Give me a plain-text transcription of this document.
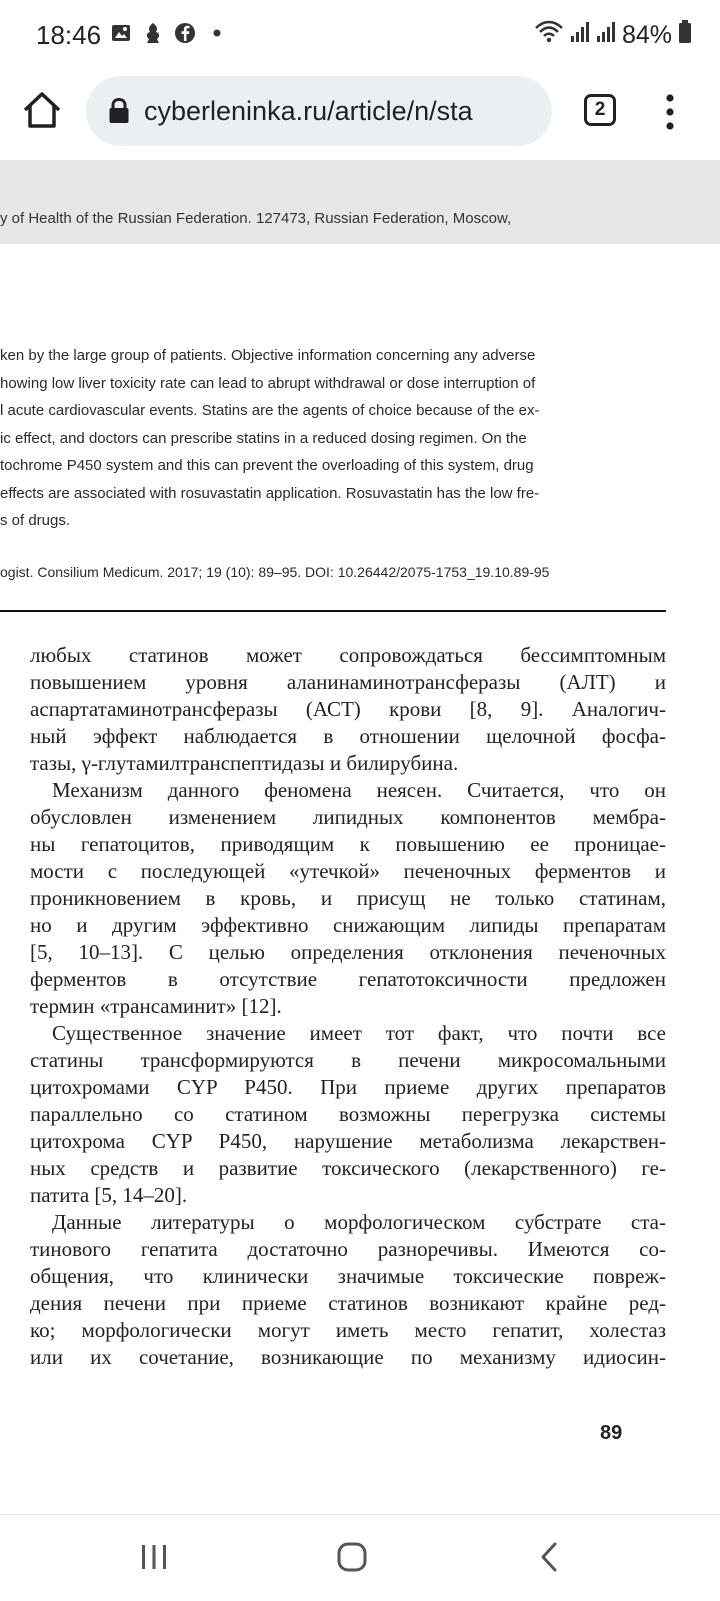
18:46	84%
cyberleninka.ru/article/n/sta	2
y of Health of the Russian Federation. 127473, Russian Federation, Moscow,
ken by the large group of patients. Objective information concerning any adverse
howing low liver toxicity rate can lead to abrupt withdrawal or dose interruption of
l acute cardiovascular events. Statins are the agents of choice because of the ex-
ic effect, and doctors can prescribe statins in a reduced dosing regimen. On the
tochrome P450 system and this can prevent the overloading of this system, drug
effects are associated with rosuvastatin application. Rosuvastatin has the low fre-
s of drugs.
ogist. Consilium Medicum. 2017; 19 (10): 89–95. DOI: 10.26442/2075-1753_19.10.89-95
любых статинов может сопровождаться бессимптомным
повышением уровня аланинаминотрансферазы (АЛТ) и
аспартатаминотрансферазы (АСТ) крови [8, 9]. Аналогич-
ный эффект наблюдается в отношении щелочной фосфа-
тазы, γ-глутамилтранспептидазы и билирубина.
Механизм данного феномена неясен. Считается, что он
обусловлен изменением липидных компонентов мембра-
ны гепатоцитов, приводящим к повышению ее проницае-
мости с последующей «утечкой» печеночных ферментов и
проникновением в кровь, и присущ не только статинам,
но и другим эффективно снижающим липиды препаратам
[5, 10–13]. С целью определения отклонения печеночных
ферментов в отсутствие гепатотоксичности предложен
термин «трансаминит» [12].
Существенное значение имеет тот факт, что почти все
статины трансформируются в печени микросомальными
цитохромами CYP P450. При приеме других препаратов
параллельно со статином возможны перегрузка системы
цитохрома CYP P450, нарушение метаболизма лекарствен-
ных средств и развитие токсического (лекарственного) ге-
патита [5, 14–20].
Данные литературы о морфологическом субстрате ста-
тинового гепатита достаточно разноречивы. Имеются со-
общения, что клинически значимые токсические повреж-
дения печени при приеме статинов возникают крайне ред-
ко; морфологически могут иметь место гепатит, холестаз
или их сочетание, возникающие по механизму идиосин-
89
